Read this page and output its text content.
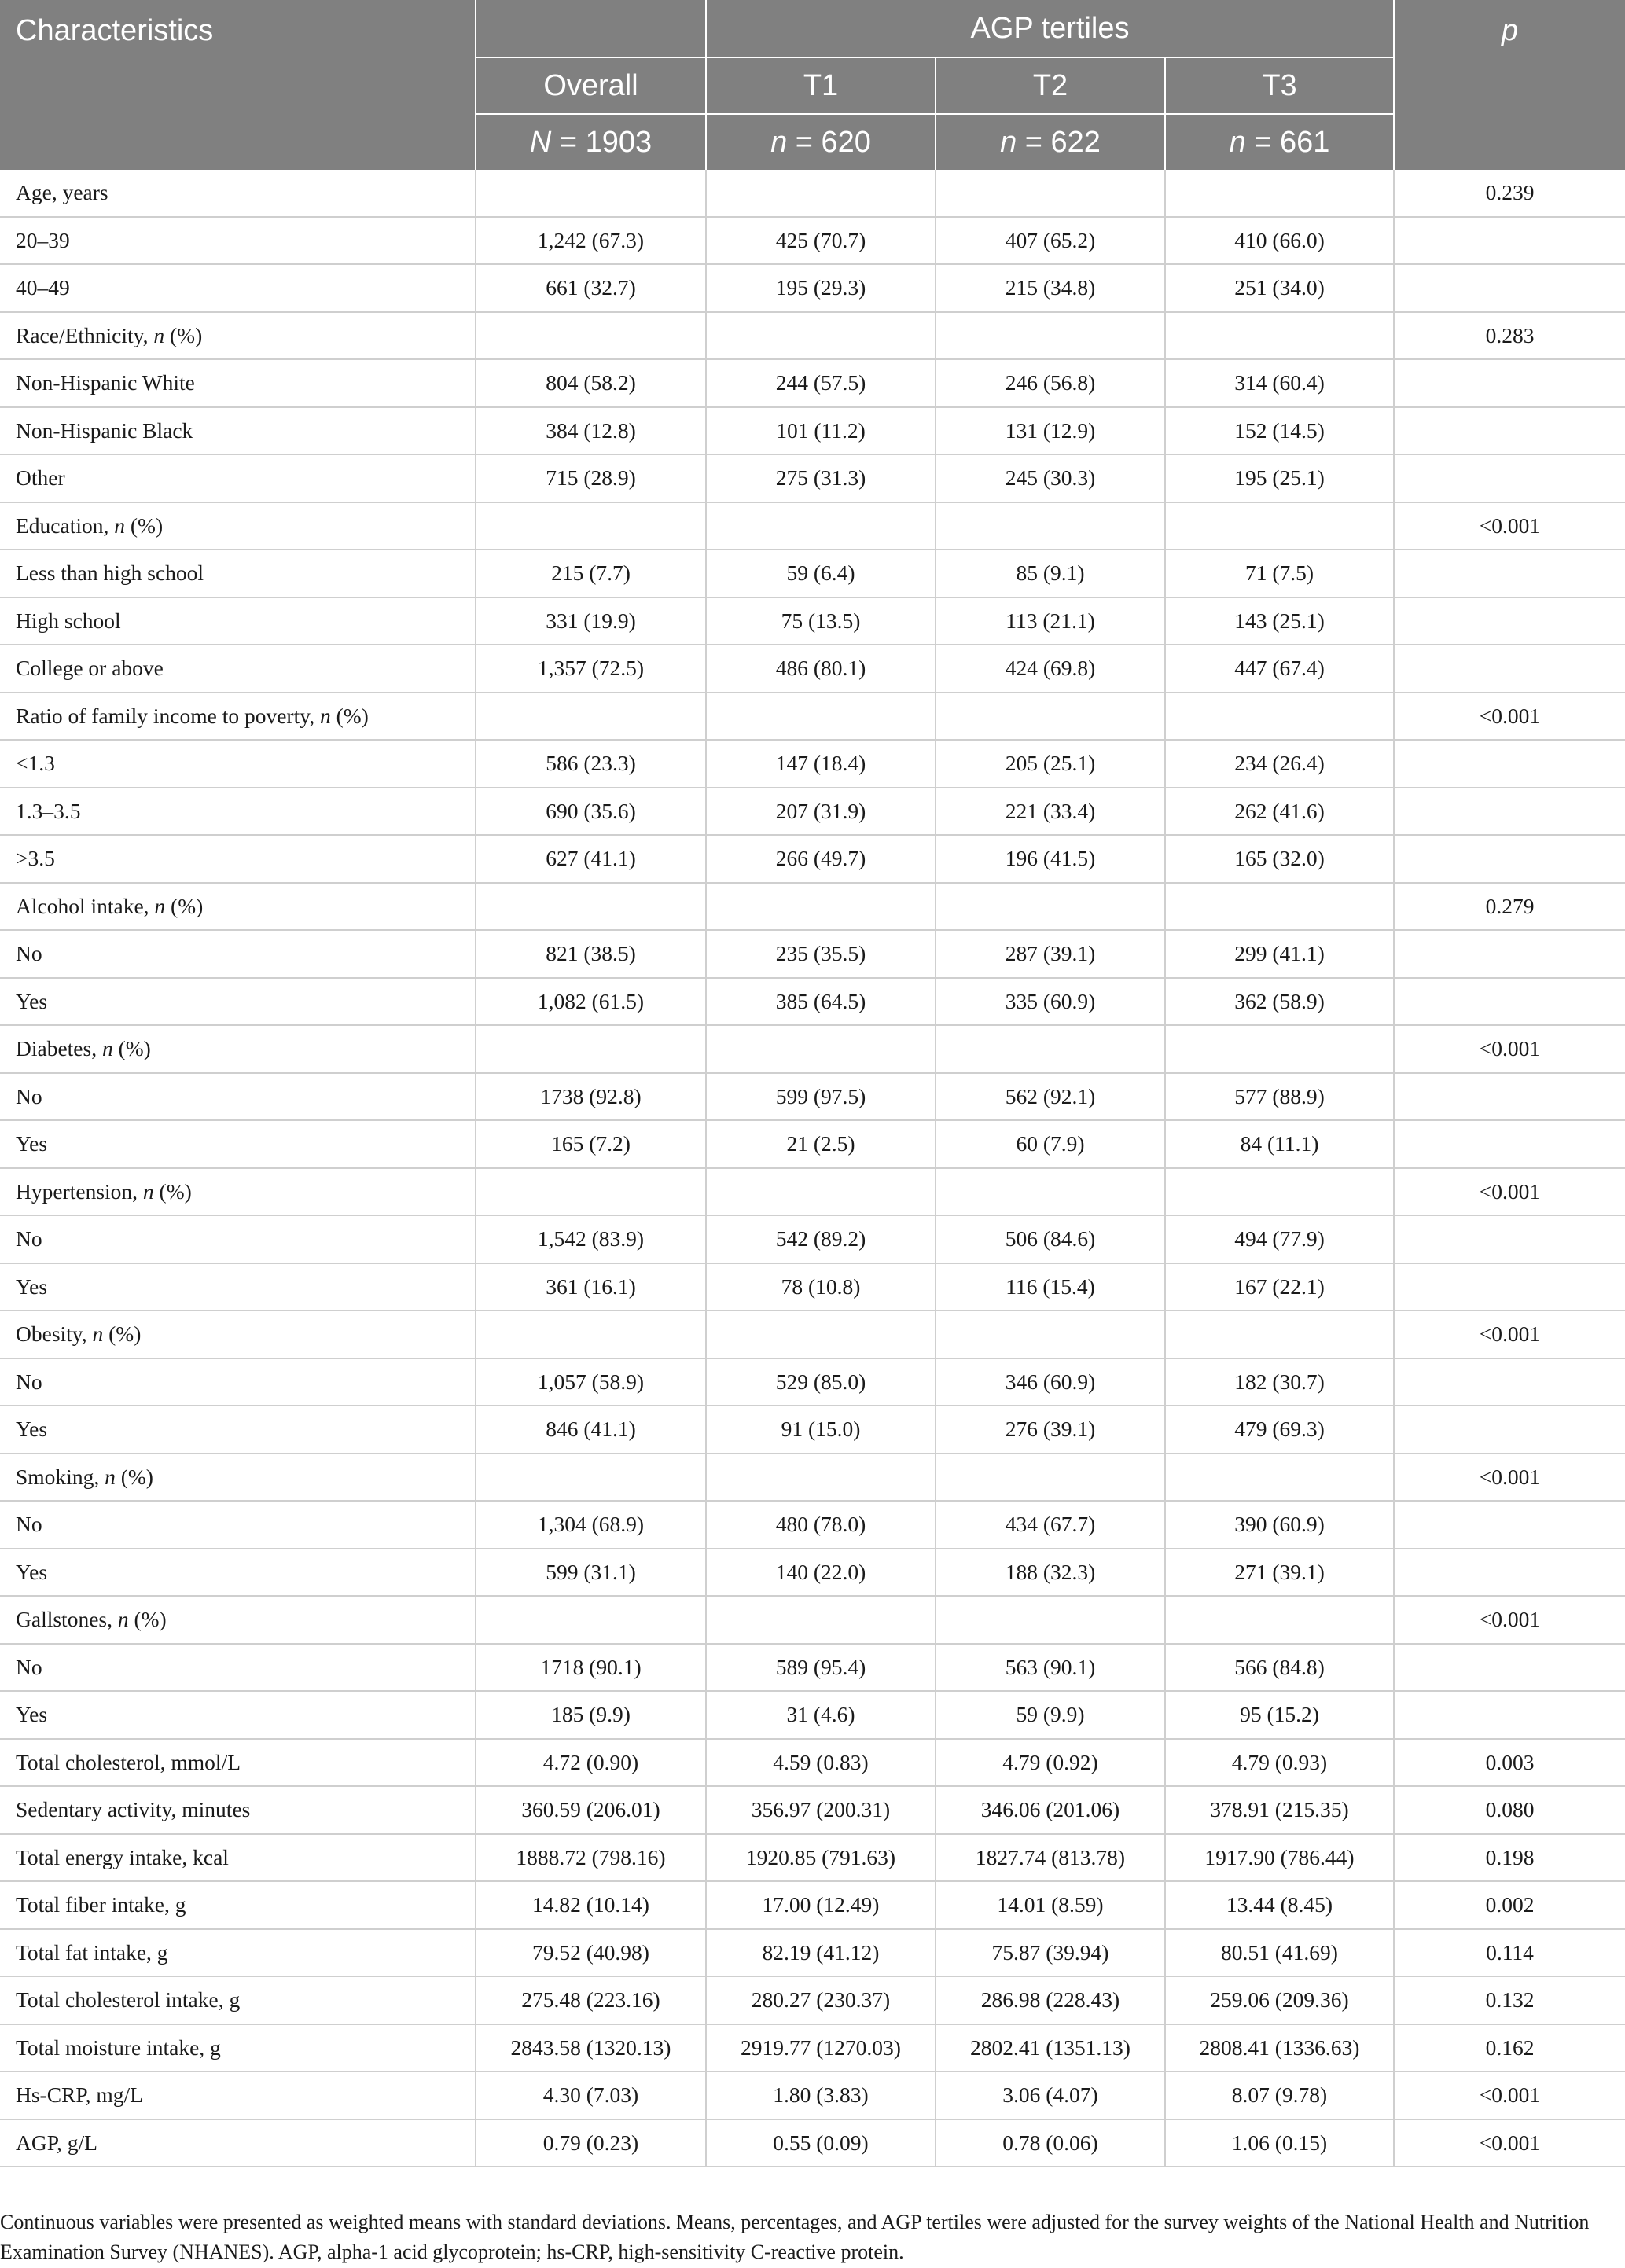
Characteristics		AGP tertiles			p
	Overall	T1	T2	T3	
	N = 1903	n = 620	n = 622	n = 661	
Age, years					0.239
20–39	1,242 (67.3)	425 (70.7)	407 (65.2)	410 (66.0)	
40–49	661 (32.7)	195 (29.3)	215 (34.8)	251 (34.0)	
Race/Ethnicity, n (%)					0.283
Non-Hispanic White	804 (58.2)	244 (57.5)	246 (56.8)	314 (60.4)	
Non-Hispanic Black	384 (12.8)	101 (11.2)	131 (12.9)	152 (14.5)	
Other	715 (28.9)	275 (31.3)	245 (30.3)	195 (25.1)	
Education, n (%)					<0.001
Less than high school	215 (7.7)	59 (6.4)	85 (9.1)	71 (7.5)	
High school	331 (19.9)	75 (13.5)	113 (21.1)	143 (25.1)	
College or above	1,357 (72.5)	486 (80.1)	424 (69.8)	447 (67.4)	
Ratio of family income to poverty, n (%)					<0.001
<1.3	586 (23.3)	147 (18.4)	205 (25.1)	234 (26.4)	
1.3–3.5	690 (35.6)	207 (31.9)	221 (33.4)	262 (41.6)	
>3.5	627 (41.1)	266 (49.7)	196 (41.5)	165 (32.0)	
Alcohol intake, n (%)					0.279
No	821 (38.5)	235 (35.5)	287 (39.1)	299 (41.1)	
Yes	1,082 (61.5)	385 (64.5)	335 (60.9)	362 (58.9)	
Diabetes, n (%)					<0.001
No	1738 (92.8)	599 (97.5)	562 (92.1)	577 (88.9)	
Yes	165 (7.2)	21 (2.5)	60 (7.9)	84 (11.1)	
Hypertension, n (%)					<0.001
No	1,542 (83.9)	542 (89.2)	506 (84.6)	494 (77.9)	
Yes	361 (16.1)	78 (10.8)	116 (15.4)	167 (22.1)	
Obesity, n (%)					<0.001
No	1,057 (58.9)	529 (85.0)	346 (60.9)	182 (30.7)	
Yes	846 (41.1)	91 (15.0)	276 (39.1)	479 (69.3)	
Smoking, n (%)					<0.001
No	1,304 (68.9)	480 (78.0)	434 (67.7)	390 (60.9)	
Yes	599 (31.1)	140 (22.0)	188 (32.3)	271 (39.1)	
Gallstones, n (%)					<0.001
No	1718 (90.1)	589 (95.4)	563 (90.1)	566 (84.8)	
Yes	185 (9.9)	31 (4.6)	59 (9.9)	95 (15.2)	
Total cholesterol, mmol/L	4.72 (0.90)	4.59 (0.83)	4.79 (0.92)	4.79 (0.93)	0.003
Sedentary activity, minutes	360.59 (206.01)	356.97 (200.31)	346.06 (201.06)	378.91 (215.35)	0.080
Total energy intake, kcal	1888.72 (798.16)	1920.85 (791.63)	1827.74 (813.78)	1917.90 (786.44)	0.198
Total fiber intake, g	14.82 (10.14)	17.00 (12.49)	14.01 (8.59)	13.44 (8.45)	0.002
Total fat intake, g	79.52 (40.98)	82.19 (41.12)	75.87 (39.94)	80.51 (41.69)	0.114
Total cholesterol intake, g	275.48 (223.16)	280.27 (230.37)	286.98 (228.43)	259.06 (209.36)	0.132
Total moisture intake, g	2843.58 (1320.13)	2919.77 (1270.03)	2802.41 (1351.13)	2808.41 (1336.63)	0.162
Hs-CRP, mg/L	4.30 (7.03)	1.80 (3.83)	3.06 (4.07)	8.07 (9.78)	<0.001
AGP, g/L	0.79 (0.23)	0.55 (0.09)	0.78 (0.06)	1.06 (0.15)	<0.001
Continuous variables were presented as weighted means with standard deviations. Means, percentages, and AGP tertiles were adjusted for the survey weights of the National Health and Nutrition Examination Survey (NHANES). AGP, alpha-1 acid glycoprotein; hs-CRP, high-sensitivity C-reactive protein.
